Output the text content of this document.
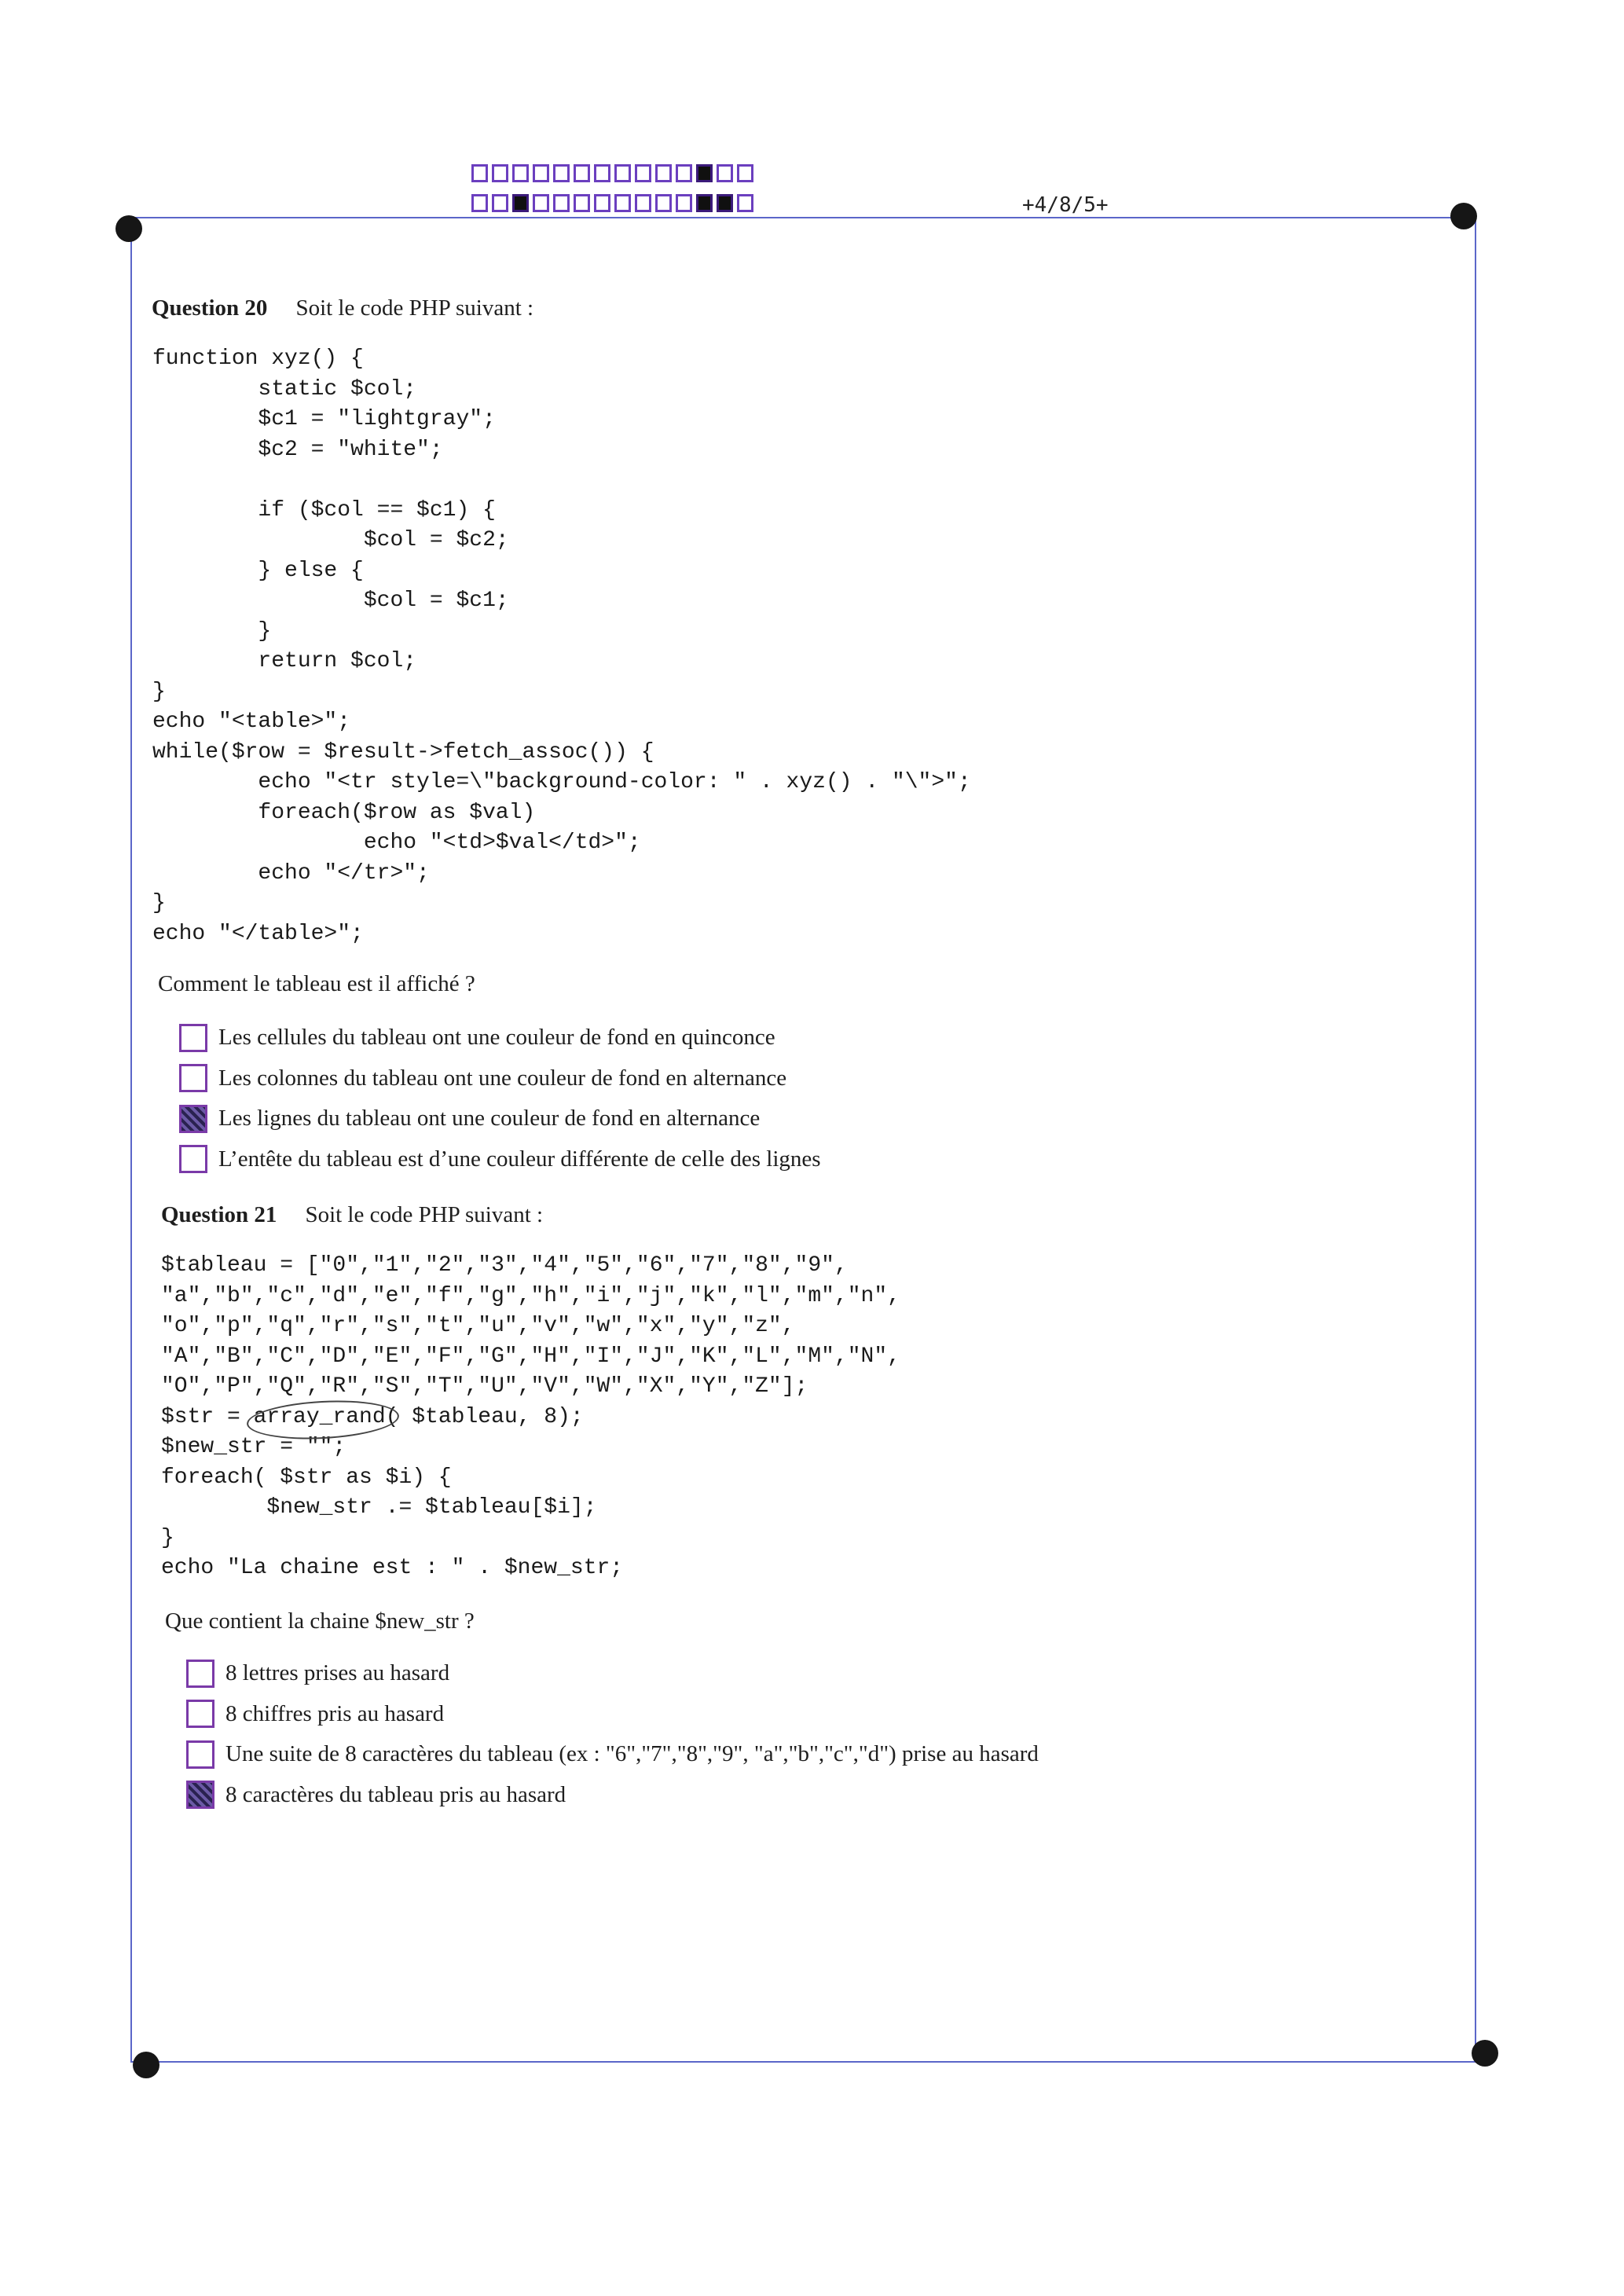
+4/8/5+
Question 20 Soit le code PHP suivant :
function xyz() {
static $col;
$c1 = "lightgray";
$c2 = "white";

if ($col == $c1) {
$col = $c2;
} else {
$col = $c1;
}
return $col;
}
echo "<table>";
while($row = $result->fetch_assoc()) {
echo "<tr style=\"background-color: " . xyz() . "\">";
foreach($row as $val)
echo "<td>$val</td>";
echo "</tr>";
}
echo "</table>";

Comment le tableau est il affiché ?
Les cellules du tableau ont une couleur de fond en quinconce
Les colonnes du tableau ont une couleur de fond en alternance
Les lignes du tableau ont une couleur de fond en alternance
L’entête du tableau est d’une couleur différente de celle des lignes
Question 21 Soit le code PHP suivant :
$tableau = ["0","1","2","3","4","5","6","7","8","9",
"a","b","c","d","e","f","g","h","i","j","k","l","m","n",
"o","p","q","r","s","t","u","v","w","x","y","z",
"A","B","C","D","E","F","G","H","I","J","K","L","M","N",
"O","P","Q","R","S","T","U","V","W","X","Y","Z"];
$str = array_rand( $tableau, 8);
$new_str = "";
foreach( $str as $i) {
$new_str .= $tableau[$i];
}
echo "La chaine est : " . $new_str;

Que contient la chaine $new_str ?
8 lettres prises au hasard
8 chiffres pris au hasard
Une suite de 8 caractères du tableau (ex : "6","7","8","9", "a","b","c","d") prise au hasard
8 caractères du tableau pris au hasard
